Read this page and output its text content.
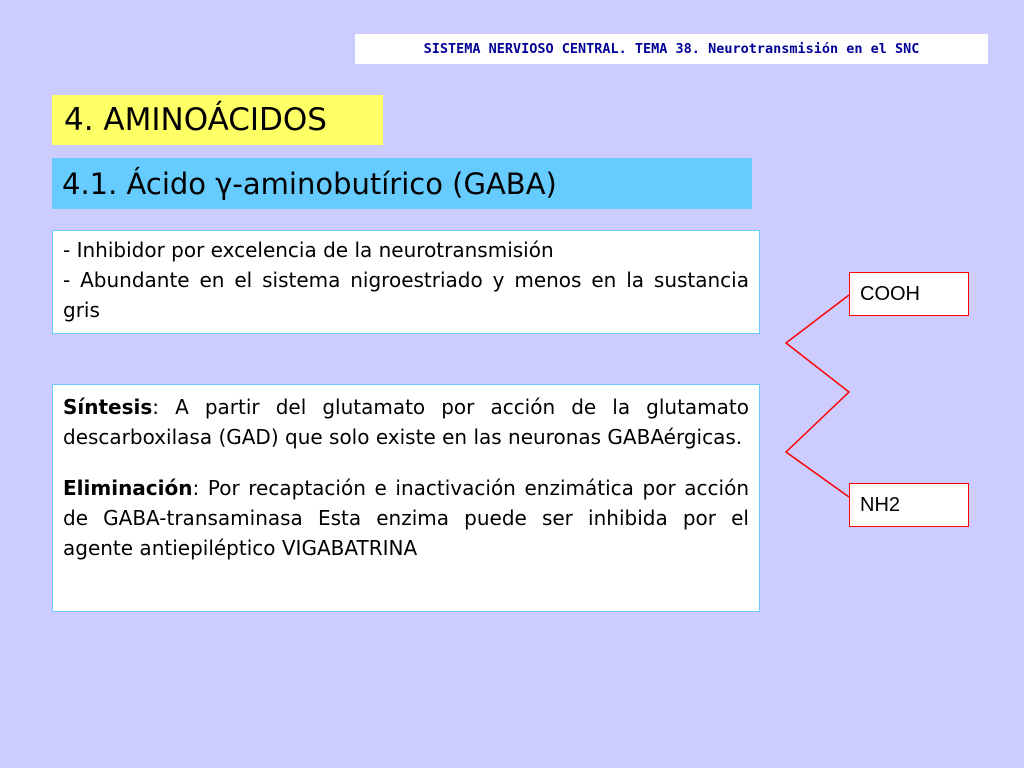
SISTEMA NERVIOSO CENTRAL. TEMA 38. Neurotransmisión en el SNC
4. AMINOÁCIDOS
4.1. Ácido γ-aminobutírico (GABA)
- Inhibidor por excelencia de la neurotransmisión
- Abundante en el sistema nigroestriado y menos en la sustancia gris
Síntesis: A partir del glutamato por acción de la glutamato descarboxilasa (GAD) que solo existe en las neuronas GABAérgicas.
Eliminación: Por recaptación e inactivación enzimática por acción de GABA-transaminasa Esta enzima puede ser inhibida por el agente antiepiléptico VIGABATRINA
COOH
NH2
